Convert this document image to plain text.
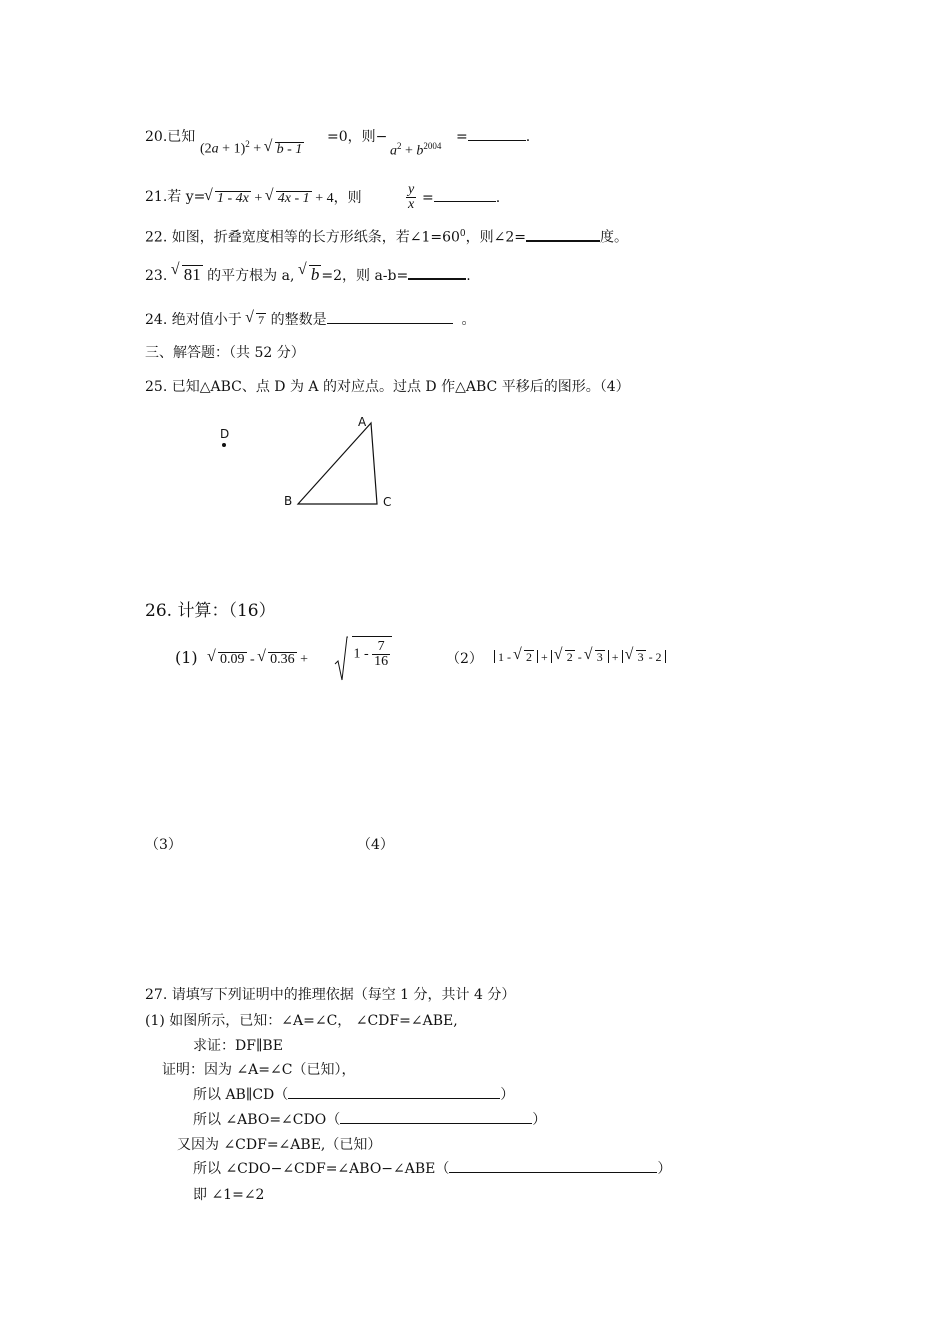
20.已知
$(2a + 1)^2$ + √ b - 1
=0，则−
$a^2 + b^{2004}$
=	.
21.若 y= √ 1 - 4x + √ 4x - 1 + 4，则	$\frac{y}{x}$ =	.
22. 如图，折叠宽度相等的长方形纸条，若$\angle 1=60^0$，则∠2=	度。
23. √ 81 的平方根为 a, √ b =2，则 a-b=	.
24. 绝对值小于 √ 7 的整数是	。
三、解答题：（共 52 分）
25. 已知△ABC、点 D 为 A 的对应点。过点 D 作△ABC 平移后的图形。（4）
A
B	C
D
26. 计算：（16）
(1)	√ 0.09 - √ 0.36 +	$1 - \frac{7}{16}$	（2）	1 - √ 2 + √ 2 - √ 3 + √ 3 - 2
（3）	（4）
27. 请填写下列证明中的推理依据（每空 1 分，共计 4 分）
(1) 如图所示，已知：∠A=∠C， ∠CDF=∠ABE,
求证：DF∥BE
证明：因为 ∠A=∠C（已知），
所以 AB∥CD（	）
所以 ∠ABO=∠CDO（	）
又因为 ∠CDF=∠ABE,（已知）
所以 ∠CDO−∠CDF=∠ABO−∠ABE（	）
即 ∠1=∠2
